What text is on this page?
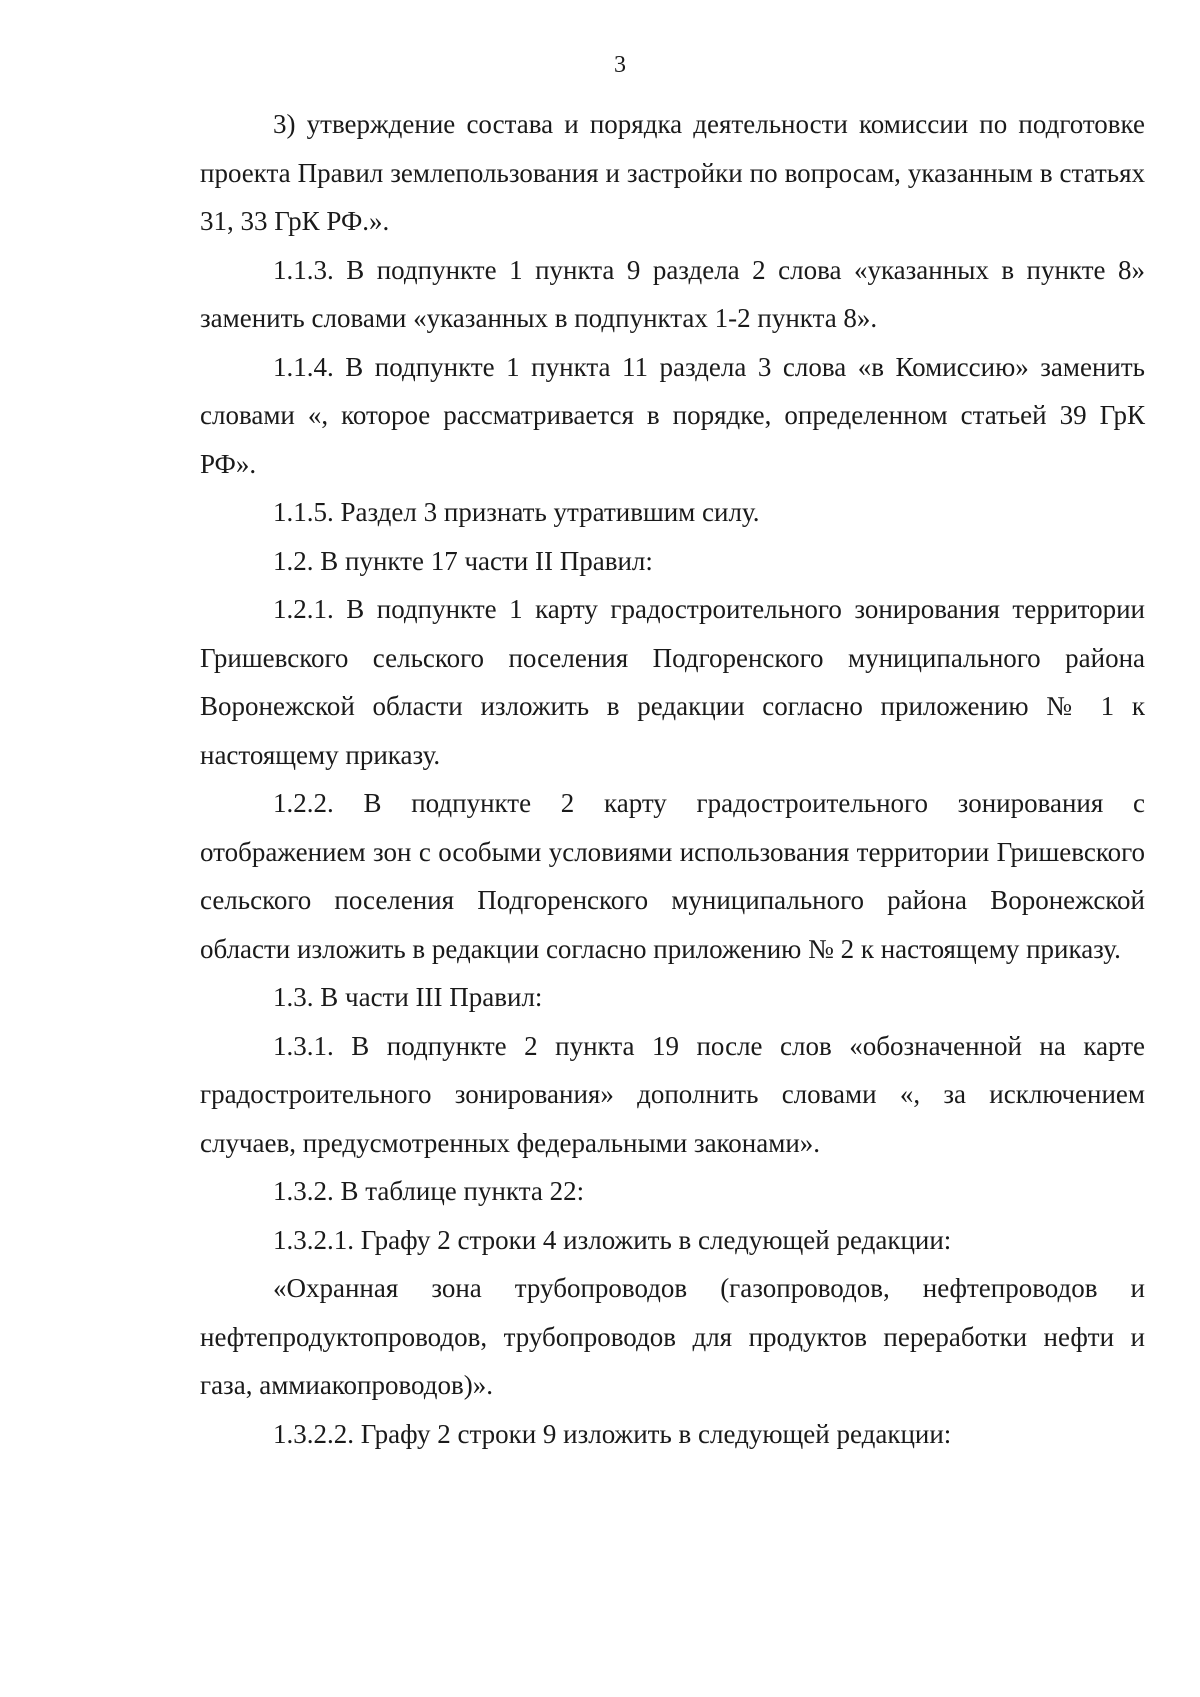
3

3) утверждение состава и порядка деятельности комиссии по подготовке проекта Правил землепользования и застройки по вопросам, указанным в статьях 31, 33 ГрК РФ.».

1.1.3. В подпункте 1 пункта 9 раздела 2 слова «указанных в пункте 8» заменить словами «указанных в подпунктах 1-2 пункта 8».

1.1.4. В подпункте 1 пункта 11 раздела 3 слова «в Комиссию» заменить словами «, которое рассматривается в порядке, определенном статьей 39 ГрК РФ».

1.1.5. Раздел 3 признать утратившим силу.

1.2. В пункте 17 части II Правил:

1.2.1. В подпункте 1 карту градостроительного зонирования территории Гришевского сельского поселения Подгоренского муниципального района Воронежской области изложить в редакции согласно приложению № 1 к настоящему приказу.

1.2.2. В подпункте 2 карту градостроительного зонирования с отображением зон с особыми условиями использования территории Гришевского сельского поселения Подгоренского муниципального района Воронежской области изложить в редакции согласно приложению № 2 к настоящему приказу.

1.3. В части III Правил:

1.3.1. В подпункте 2 пункта 19 после слов «обозначенной на карте градостроительного зонирования» дополнить словами «, за исключением случаев, предусмотренных федеральными законами».

1.3.2. В таблице пункта 22:

1.3.2.1. Графу 2 строки 4 изложить в следующей редакции:

«Охранная зона трубопроводов (газопроводов, нефтепроводов и нефтепродуктопроводов, трубопроводов для продуктов переработки нефти и газа, аммиакопроводов)».

1.3.2.2. Графу 2 строки 9 изложить в следующей редакции:
